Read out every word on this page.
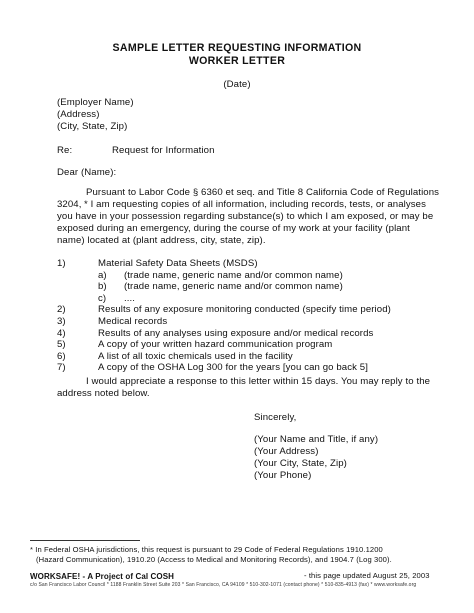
SAMPLE LETTER REQUESTING INFORMATION
WORKER LETTER
(Date)
(Employer Name)
(Address)
(City, State, Zip)
Re:	Request for Information
Dear (Name):
Pursuant to Labor Code § 6360 et seq. and Title 8 California Code of Regulations
3204, * I am requesting copies of all information, including records, tests, or analyses
you have in your possession regarding substance(s) to which I am exposed, or may be
exposed during an emergency, during the course of my work at your facility (plant
name) located at (plant address, city, state, zip).
1)	Material Safety Data Sheets (MSDS)
a) (trade name, generic name and/or common name)
b) (trade name, generic name and/or common name)
c) ....
2)	Results of any exposure monitoring conducted (specify time period)
3)	Medical records
4)	Results of any analyses using exposure and/or medical records
5)	A copy of your written hazard communication program
6)	A list of all toxic chemicals used in the facility
7)	A copy of the OSHA Log 300 for the years [you can go back 5]
I would appreciate a response to this letter within 15 days. You may reply to the
address noted below.
Sincerely,
(Your Name and Title, if any)
(Your Address)
(Your City, State, Zip)
(Your Phone)
* In Federal OSHA jurisdictions, this request is pursuant to 29 Code of Federal Regulations 1910.1200
(Hazard Communication), 1910.20 (Access to Medical and Monitoring Records), and 1904.7 (Log 300).
WORKSAFE! - A Project of Cal COSH	- this page updated August 25, 2003
c/o San Francisco Labor Council * 1188 Franklin Street Suite 203 * San Francisco, CA 94109 * 510-302-1071 (contact phone) * 510-835-4913 (fax) * www.worksafe.org
